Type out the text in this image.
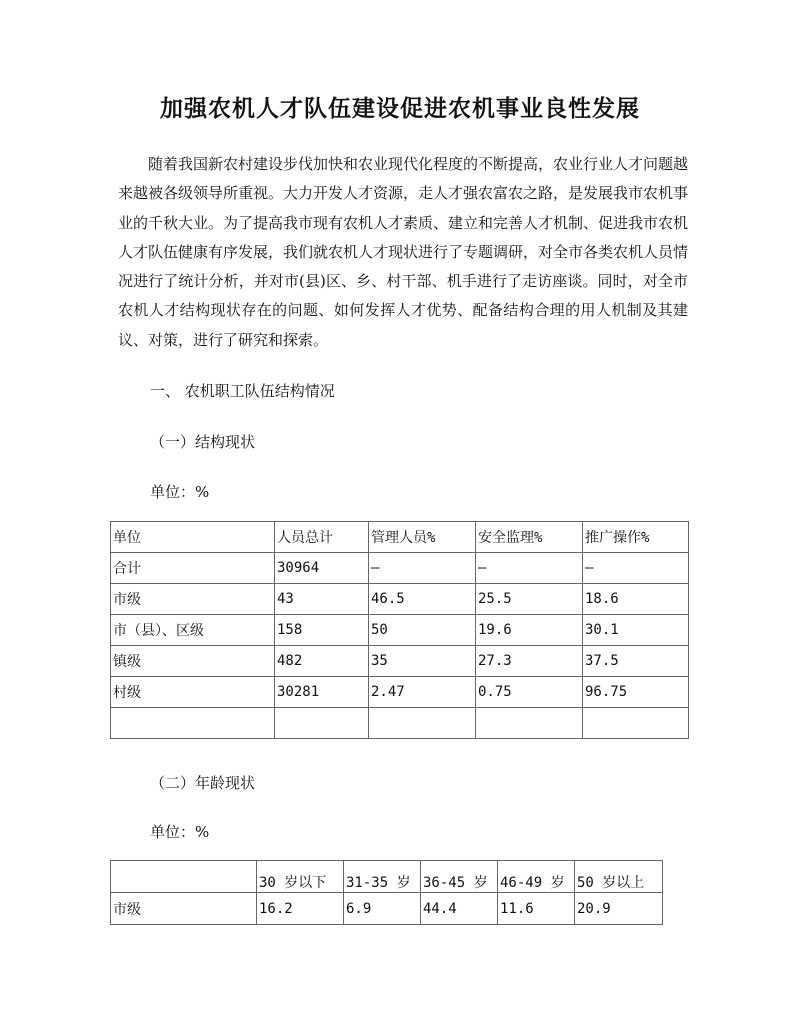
加强农机人才队伍建设促进农机事业良性发展

随着我国新农村建设步伐加快和农业现代化程度的不断提高，农业行业人才问题越来越被各级领导所重视。大力开发人才资源，走人才强农富农之路，是发展我市农机事业的千秋大业。为了提高我市现有农机人才素质、建立和完善人才机制、促进我市农机人才队伍健康有序发展，我们就农机人才现状进行了专题调研，对全市各类农机人员情况进行了统计分析，并对市(县)区、乡、村干部、机手进行了走访座谈。同时，对全市农机人才结构现状存在的问题、如何发挥人才优势、配备结构合理的用人机制及其建议、对策，进行了研究和探索。

一、 农机职工队伍结构情况
（一）结构现状
单位：%
单位	人员总计	管理人员%	安全监理%	推广操作%
合计	30964	—	—	—
市级	43	46.5	25.5	18.6
市（县）、区级	158	50	19.6	30.1
镇级	482	35	27.3	37.5
村级	30281	2.47	0.75	96.75

（二）年龄现状
单位：%
	30 岁以下	31-35 岁	36-45 岁	46-49 岁	50 岁以上
市级	16.2	6.9	44.4	11.6	20.9
